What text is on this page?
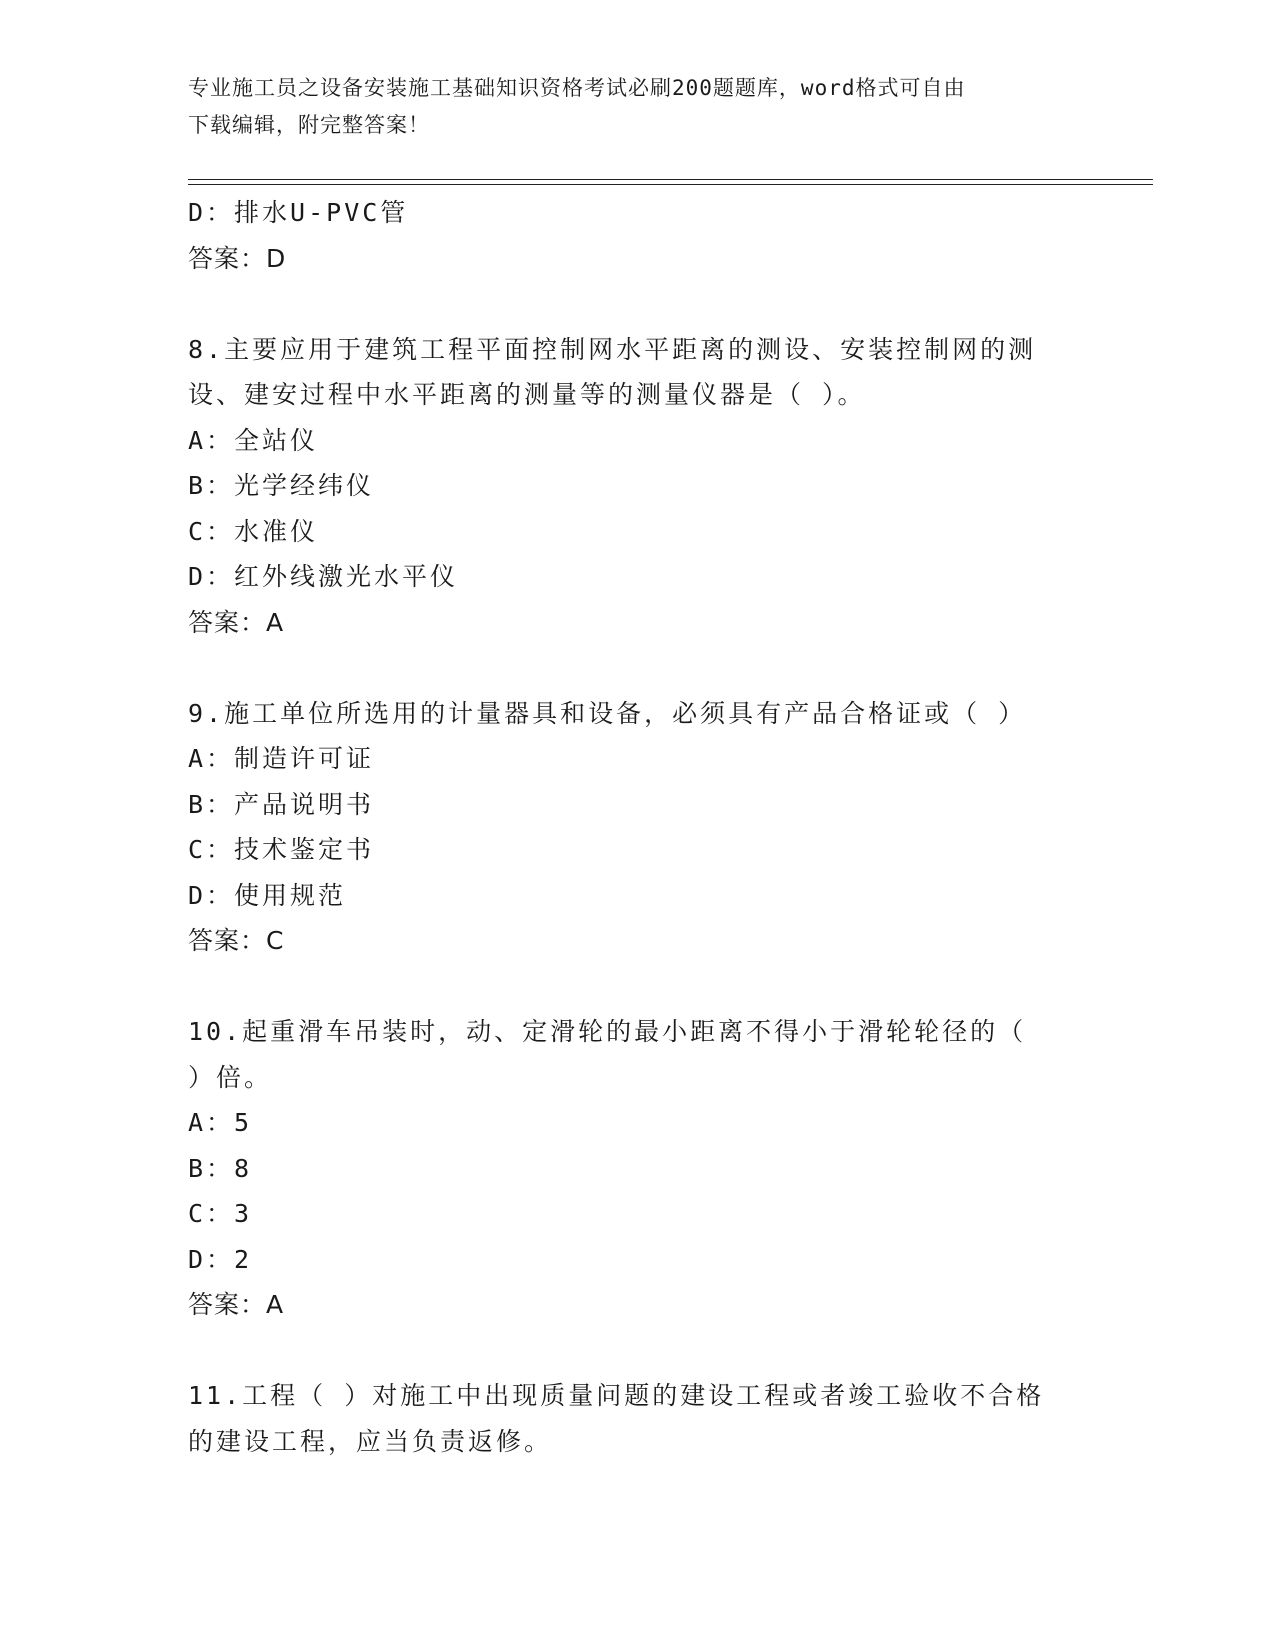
专业施工员之设备安装施工基础知识资格考试必刷200题题库，word格式可自由
下载编辑，附完整答案！
D：排水U-PVC管
答案：D
8.主要应用于建筑工程平面控制网水平距离的测设、安装控制网的测
设、建安过程中水平距离的测量等的测量仪器是（ ）。
A：全站仪
B：光学经纬仪
C：水准仪
D：红外线激光水平仪
答案：A
9.施工单位所选用的计量器具和设备，必须具有产品合格证或（ ）
A：制造许可证
B：产品说明书
C：技术鉴定书
D：使用规范
答案：C
10.起重滑车吊装时，动、定滑轮的最小距离不得小于滑轮轮径的（
）倍。
A：5
B：8
C：3
D：2
答案：A
11.工程（ ）对施工中出现质量问题的建设工程或者竣工验收不合格
的建设工程，应当负责返修。
